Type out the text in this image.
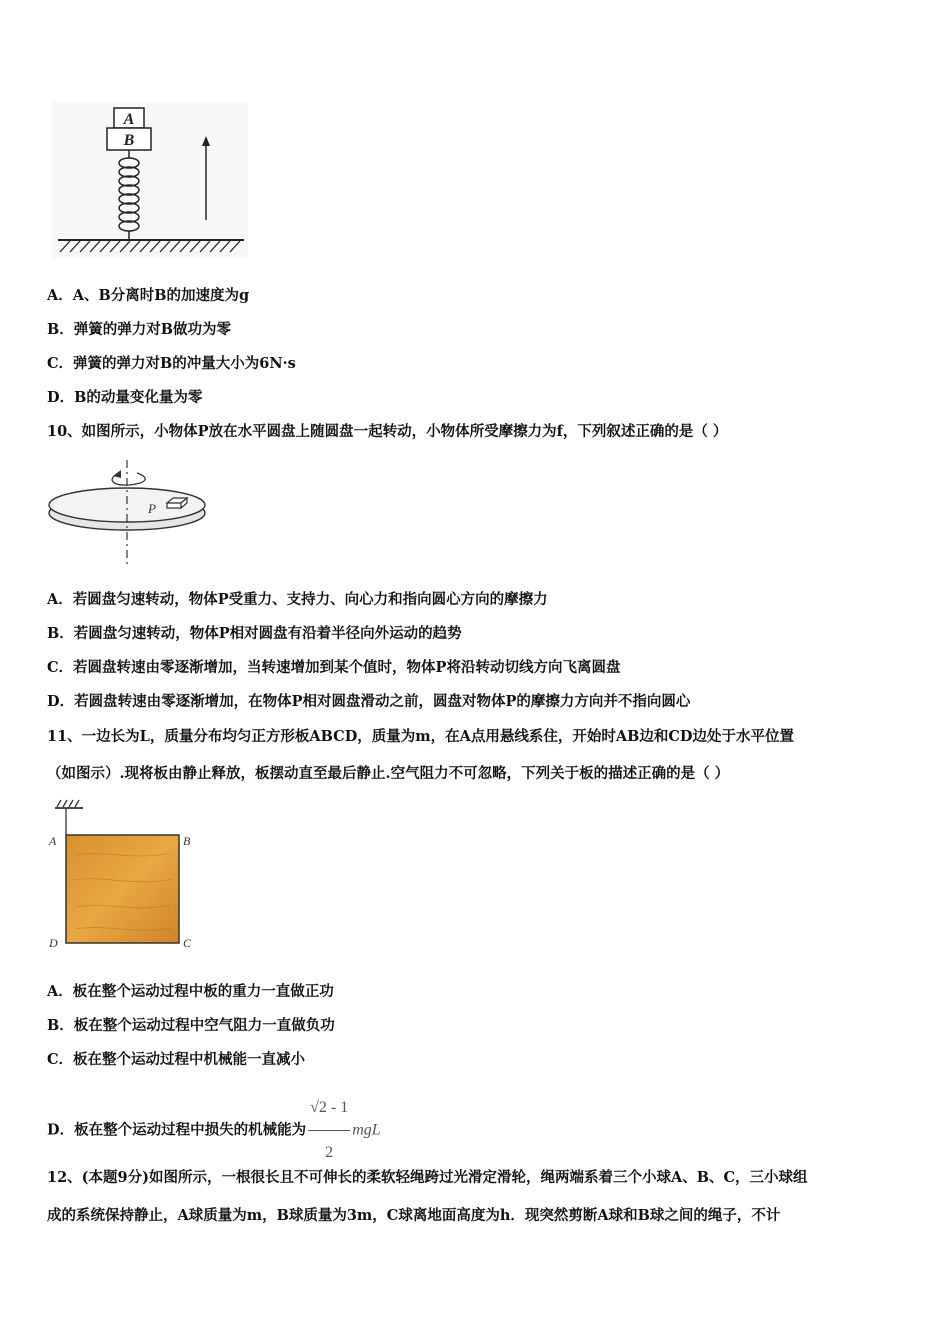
A
B
A．A、B分离时B的加速度为g
B．弹簧的弹力对B做功为零
C．弹簧的弹力对B的冲量大小为6N·s
D．B的动量变化量为零
10、如图所示，小物体P放在水平圆盘上随圆盘一起转动，小物体所受摩擦力为f，下列叙述正确的是（ ）
P
A．若圆盘匀速转动，物体P受重力、支持力、向心力和指向圆心方向的摩擦力
B．若圆盘匀速转动，物体P相对圆盘有沿着半径向外运动的趋势
C．若圆盘转速由零逐渐增加，当转速增加到某个值时，物体P将沿转动切线方向飞离圆盘
D．若圆盘转速由零逐渐增加，在物体P相对圆盘滑动之前，圆盘对物体P的摩擦力方向并不指向圆心
11、一边长为L，质量分布均匀正方形板ABCD，质量为m，在A点用悬线系住，开始时AB边和CD边处于水平位置
（如图示）.现将板由静止释放，板摆动直至最后静止.空气阻力不可忽略，下列关于板的描述正确的是（ ）
A	B
D	C
A．板在整个运动过程中板的重力一直做正功
B．板在整个运动过程中空气阻力一直做负功
C．板在整个运动过程中机械能一直减小
D．板在整个运动过程中损失的机械能为 $\frac{√2 - 1}{2}$ mgL
12、(本题9分)如图所示，一根很长且不可伸长的柔软轻绳跨过光滑定滑轮，绳两端系着三个小球A、B、C，三小球组
成的系统保持静止，A球质量为m，B球质量为3m，C球离地面高度为h．现突然剪断A球和B球之间的绳子，不计
